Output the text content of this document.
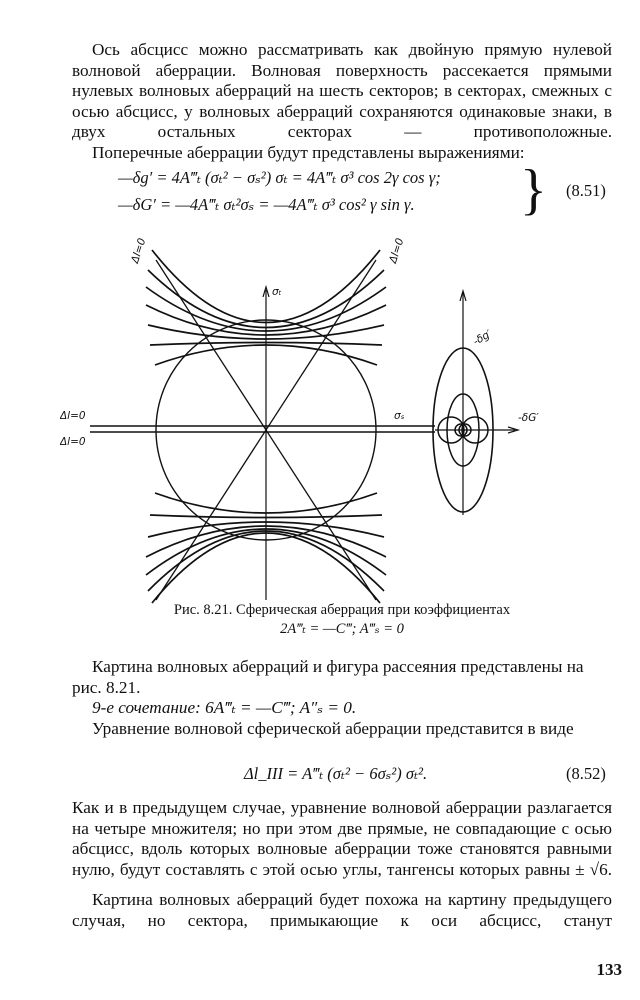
Ось абсцисс можно рассматривать как двойную прямую нулевой волновой аберрации. Волновая поверхность рассекается прямыми нулевых волновых аберраций на шесть секторов; в секторах, смежных с осью абсцисс, у волновых аберраций сохраняются одинаковые знаки, в двух остальных секторах — противоположные.

Поперечные аберрации будут представлены выражениями:

—δg′ = 4A‴ₜ (σₜ² − σₛ²) σₜ = 4A‴ₜ σ³ cos 2γ cos γ;
—δG′ = —4A‴ₜ σₜ²σₛ = —4A‴ₜ σ³ cos² γ sin γ. } (8.51)
Δl=0	Δl=0
Δl=0
Δl=0
σₜ
σₛ
-δg′
-δG′
Рис. 8.21. Сферическая аберрация при коэффициентах
2A‴ₜ = —C‴; A‴ₛ = 0

Картина волновых аберраций и фигура рассеяния представлены на рис. 8.21.

9-е сочетание: 6A‴ₜ = —C‴; A″ₛ = 0.

Уравнение волновой сферической аберрации представится в виде

Δl_III = A‴ₜ (σₜ² − 6σₛ²) σₜ².	(8.52)

Как и в предыдущем случае, уравнение волновой аберрации разлагается на четыре множителя; но при этом две прямые, не совпадающие с осью абсцисс, вдоль которых волновые аберрации тоже становятся равными нулю, будут составлять с этой осью углы, тангенсы которых равны ± √6.

Картина волновых аберраций будет похожа на картину предыдущего случая, но сектора, примыкающие к оси абсцисс, станут

133
